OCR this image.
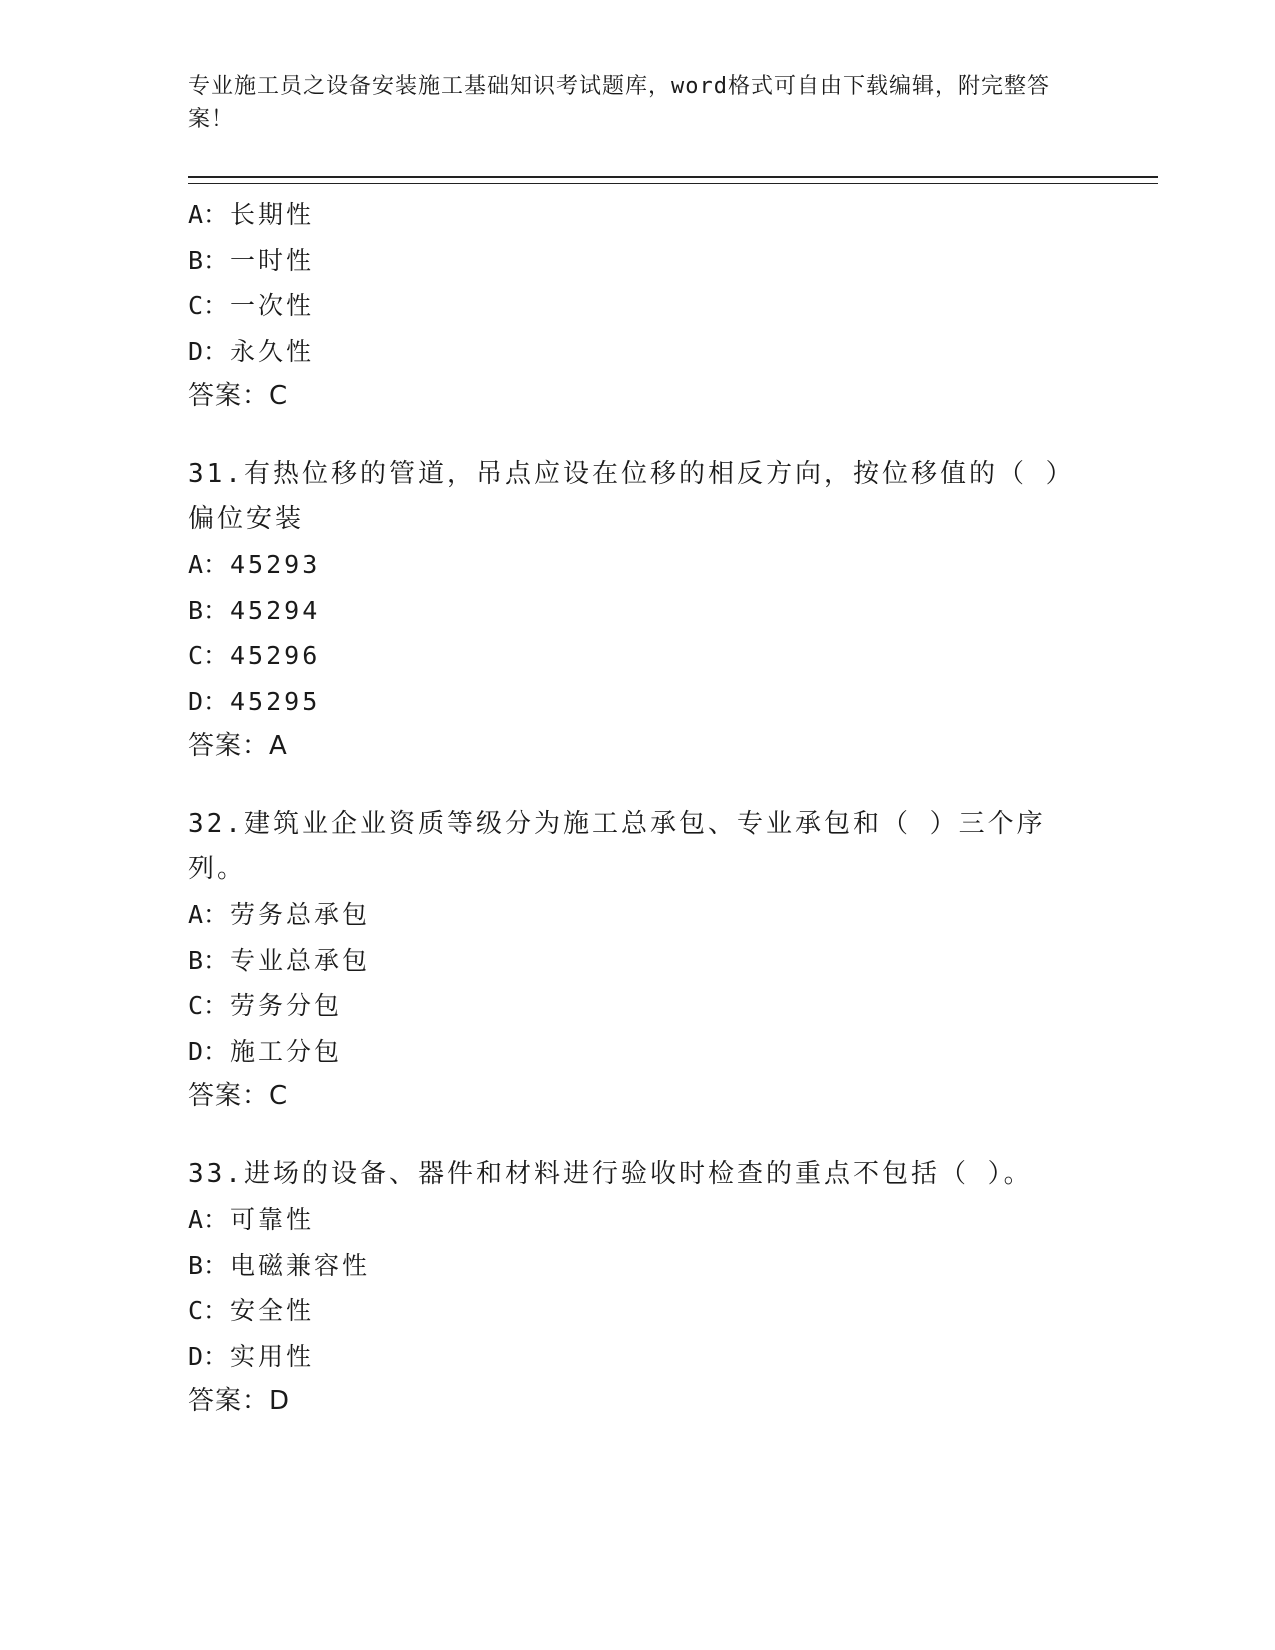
专业施工员之设备安装施工基础知识考试题库，word格式可自由下载编辑，附完整答案！
A：长期性
B：一时性
C：一次性
D：永久性
答案：C
31.有热位移的管道，吊点应设在位移的相反方向，按位移值的（ ）偏位安装
A：45293
B：45294
C：45296
D：45295
答案：A
32.建筑业企业资质等级分为施工总承包、专业承包和（ ）三个序列。
A：劳务总承包
B：专业总承包
C：劳务分包
D：施工分包
答案：C
33.进场的设备、器件和材料进行验收时检查的重点不包括（ ）。
A：可靠性
B：电磁兼容性
C：安全性
D：实用性
答案：D
